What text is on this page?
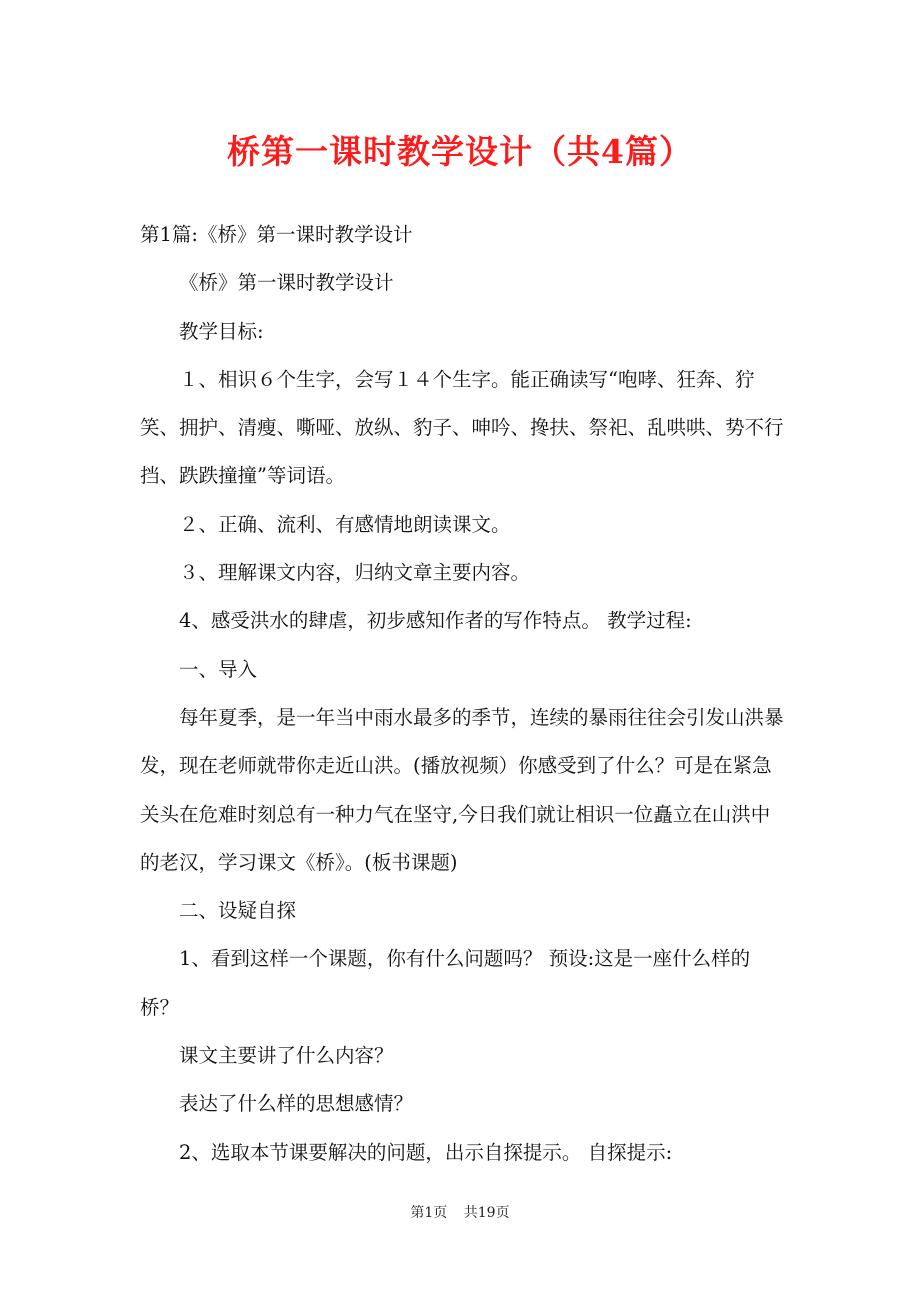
桥第一课时教学设计（共4篇）

第1篇:《桥》第一课时教学设计

《桥》第一课时教学设计

教学目标:

１、相识６个生字，会写１４个生字。能正确读写“咆哮、狂奔、狞笑、拥护、清瘦、嘶哑、放纵、豹子、呻吟、搀扶、祭祀、乱哄哄、势不行挡、跌跌撞撞”等词语。

２、正确、流利、有感情地朗读课文。

３、理解课文内容，归纳文章主要内容。

4、感受洪水的肆虐，初步感知作者的写作特点。 教学过程:

一、导入

每年夏季，是一年当中雨水最多的季节，连续的暴雨往往会引发山洪暴发，现在老师就带你走近山洪。(播放视频）你感受到了什么？可是在紧急关头在危难时刻总有一种力气在坚守,今日我们就让相识一位矗立在山洪中的老汉，学习课文《桥》。(板书课题)

二、设疑自探

1、看到这样一个课题，你有什么问题吗？ 预设:这是一座什么样的桥？

课文主要讲了什么内容？

表达了什么样的思想感情？

2、选取本节课要解决的问题，出示自探提示。 自探提示:

第1页 共19页
